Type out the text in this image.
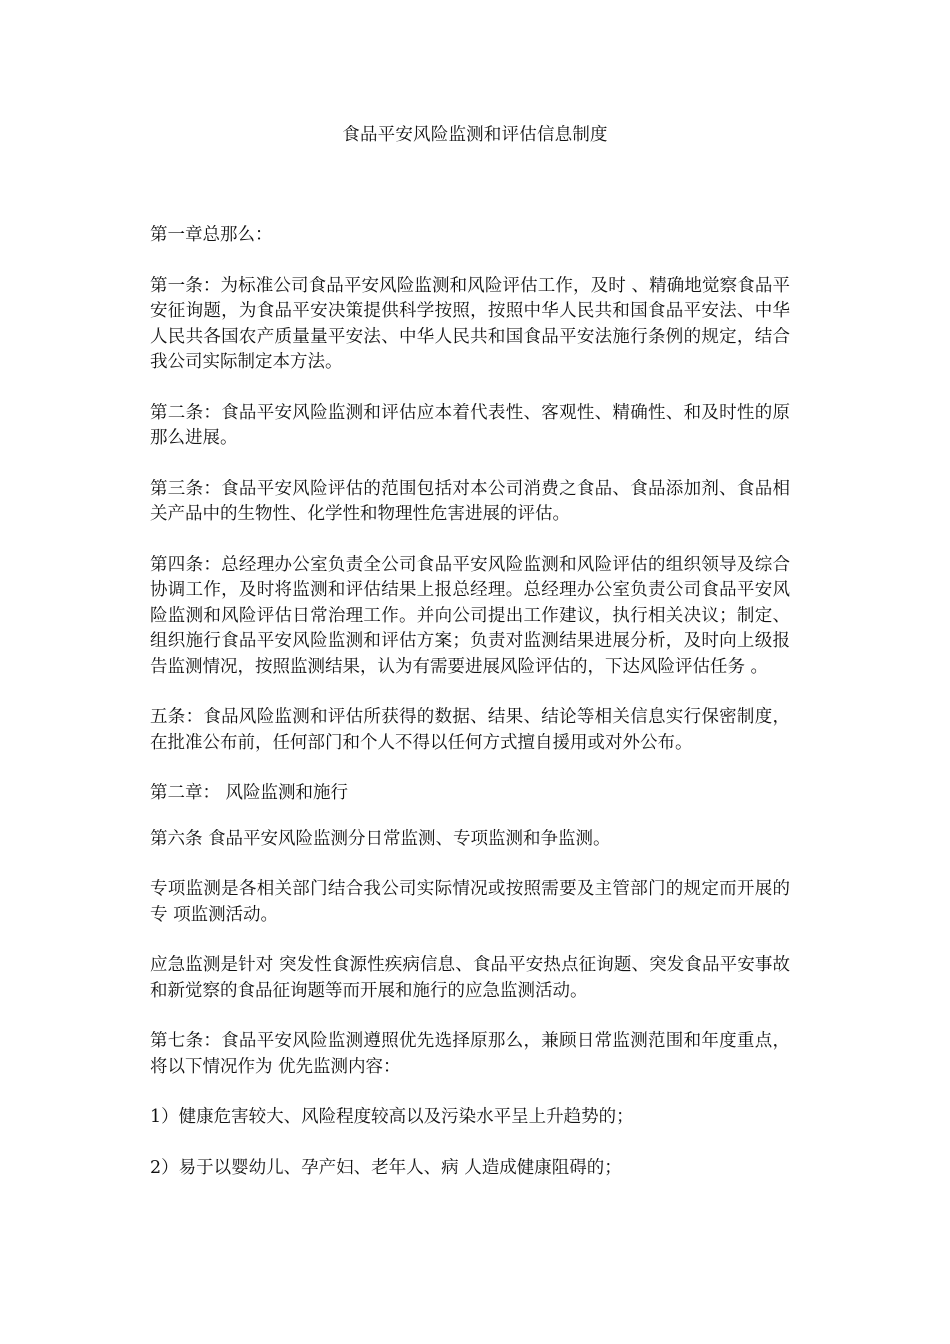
食品平安风险监测和评估信息制度

第一章总那么：

第一条：为标准公司食品平安风险监测和风险评估工作，及时 、精确地觉察食品平安征询题，为食品平安决策提供科学按照，按照中华人民共和国食品平安法、中华人民共各国农产质量量平安法、中华人民共和国食品平安法施行条例的规定，结合我公司实际制定本方法。

第二条：食品平安风险监测和评估应本着代表性、客观性、精确性、和及时性的原那么进展。

第三条：食品平安风险评估的范围包括对本公司消费之食品、食品添加剂、食品相关产品中的生物性、化学性和物理性危害进展的评估。

第四条：总经理办公室负责全公司食品平安风险监测和风险评估的组织领导及综合协调工作，及时将监测和评估结果上报总经理。总经理办公室负责公司食品平安风险监测和风险评估日常治理工作。并向公司提出工作建议，执行相关决议；制定、组织施行食品平安风险监测和评估方案；负责对监测结果进展分析，及时向上级报告监测情况，按照监测结果，认为有需要进展风险评估的，下达风险评估任务 。

五条：食品风险监测和评估所获得的数据、结果、结论等相关信息实行保密制度，在批准公布前，任何部门和个人不得以任何方式擅自援用或对外公布。

第二章： 风险监测和施行

第六条 食品平安风险监测分日常监测、专项监测和争监测。

专项监测是各相关部门结合我公司实际情况或按照需要及主管部门的规定而开展的专 项监测活动。

应急监测是针对 突发性食源性疾病信息、食品平安热点征询题、突发食品平安事故和新觉察的食品征询题等而开展和施行的应急监测活动。

第七条：食品平安风险监测遵照优先选择原那么，兼顾日常监测范围和年度重点，将以下情况作为 优先监测内容：

1）健康危害较大、风险程度较高以及污染水平呈上升趋势的；

2）易于以婴幼儿、孕产妇、老年人、病 人造成健康阻碍的；
